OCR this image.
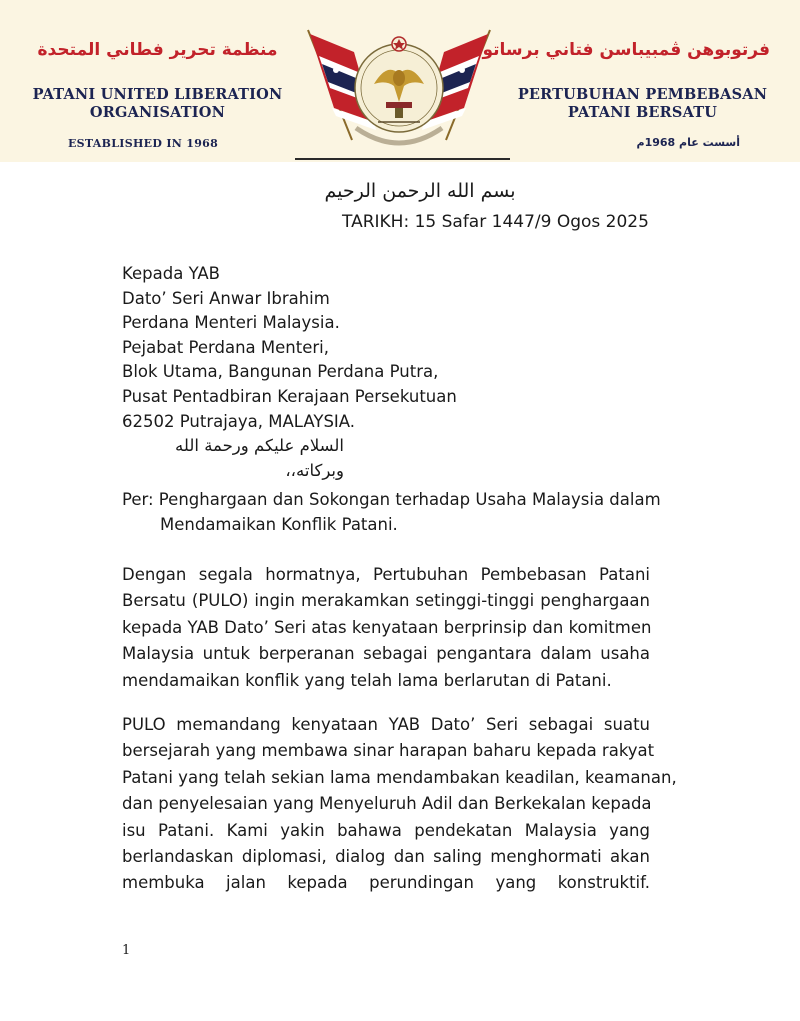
منظمة تحرير فطاني المتحدة
PATANI UNITED LIBERATION
ORGANISATION
ESTABLISHED IN 1968
فرتوبوهن ڤمبيباسن فتاني برساتو
PERTUBUHAN PEMBEBASAN
PATANI BERSATU
أسست عام 1968م
بسم الله الرحمن الرحيم
TARIKH: 15 Safar 1447/9 Ogos 2025
Kepada YAB
Dato’ Seri Anwar Ibrahim
Perdana Menteri Malaysia.
Pejabat Perdana Menteri,
Blok Utama, Bangunan Perdana Putra,
Pusat Pentadbiran Kerajaan Persekutuan
62502 Putrajaya, MALAYSIA.
السلام عليكم ورحمة الله وبركاته،،
Per: Penghargaan dan Sokongan terhadap Usaha Malaysia dalam
Mendamaikan Konflik Patani.
Dengan segala hormatnya, Pertubuhan Pembebasan Patani
Bersatu (PULO) ingin merakamkan setinggi-tinggi penghargaan
kepada YAB Dato’ Seri atas kenyataan berprinsip dan komitmen
Malaysia untuk berperanan sebagai pengantara dalam usaha
mendamaikan konflik yang telah lama berlarutan di Patani.
PULO memandang kenyataan YAB Dato’ Seri sebagai suatu
bersejarah yang membawa sinar harapan baharu kepada rakyat
Patani yang telah sekian lama mendambakan keadilan, keamanan,
dan penyelesaian yang Menyeluruh Adil dan Berkekalan kepada
isu Patani. Kami yakin bahawa pendekatan Malaysia yang
berlandaskan diplomasi, dialog dan saling menghormati akan
membuka jalan kepada perundingan yang konstruktif.
1
